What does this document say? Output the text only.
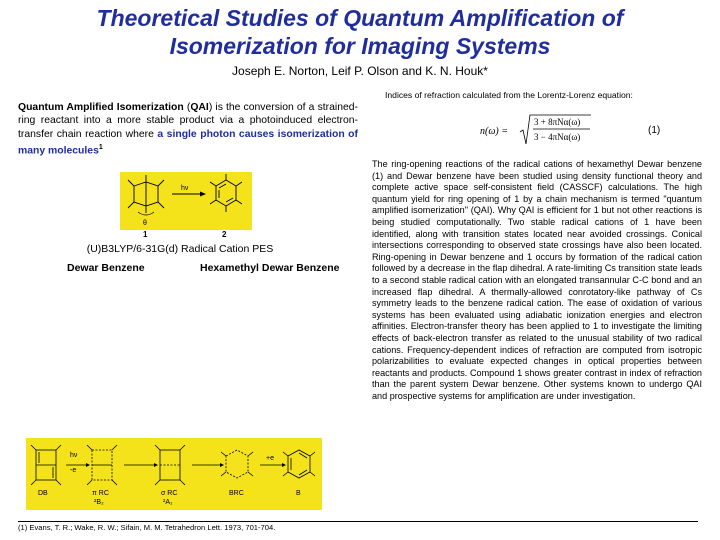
Theoretical Studies of Quantum Amplification of
Isomerization for Imaging Systems
Joseph E. Norton, Leif P. Olson and K. N. Houk*
Quantum Amplified Isomerization (QAI) is the conversion of a strained-ring reactant into a more stable product via a photoinduced electron-transfer chain reaction where a single photon causes isomerization of many molecules$^1$
θ
hν
1	2
(U)B3LYP/6-31G(d) Radical Cation PES
Dewar Benzene	Hexamethyl Dewar Benzene
hν
-e
+e
DB	π RC	σ RC	BRC	B
²B₂	²A₁
(1) Evans, T. R.; Wake, R. W.; Sifain, M. M. Tetrahedron Lett. 1973, 701-704.
Indices of refraction calculated from the Lorentz-Lorenz equation:
n(ω) =
3 + 8πNα(ω)
3 − 4πNα(ω)
(1)
The ring-opening reactions of the radical cations of hexamethyl Dewar benzene (1) and Dewar benzene have been studied using density functional theory and complete active space self-consistent field (CASSCF) calculations. The high quantum yield for ring opening of 1 by a chain mechanism is termed "quantum amplified isomerization" (QAI). Why QAI is efficient for 1 but not other reactions is being studied computationally. Two stable radical cations of 1 have been identified, along with transition states located near avoided crossings. Conical intersections corresponding to observed state crossings have also been located. Ring-opening in Dewar benzene and 1 occurs by formation of the radical cation followed by a decrease in the flap dihedral. A rate-limiting Cs transition state leads to a second stable radical cation with an elongated transannular C-C bond and an increased flap dihedral. A thermally-allowed conrotatory-like pathway of Cs symmetry leads to the benzene radical cation. The ease of oxidation of various systems has been evaluated using adiabatic ionization energies and electron affinities. Electron-transfer theory has been applied to 1 to investigate the limiting effects of back-electron transfer as related to the unusual stability of two radical cations. Frequency-dependent indices of refraction are computed from isotropic polarizabilities to evaluate expected changes in optical properties between reactants and products. Compound 1 shows greater contrast in index of refraction than the parent system Dewar benzene. Other systems known to undergo QAI and prospective systems for amplification are under investigation.
